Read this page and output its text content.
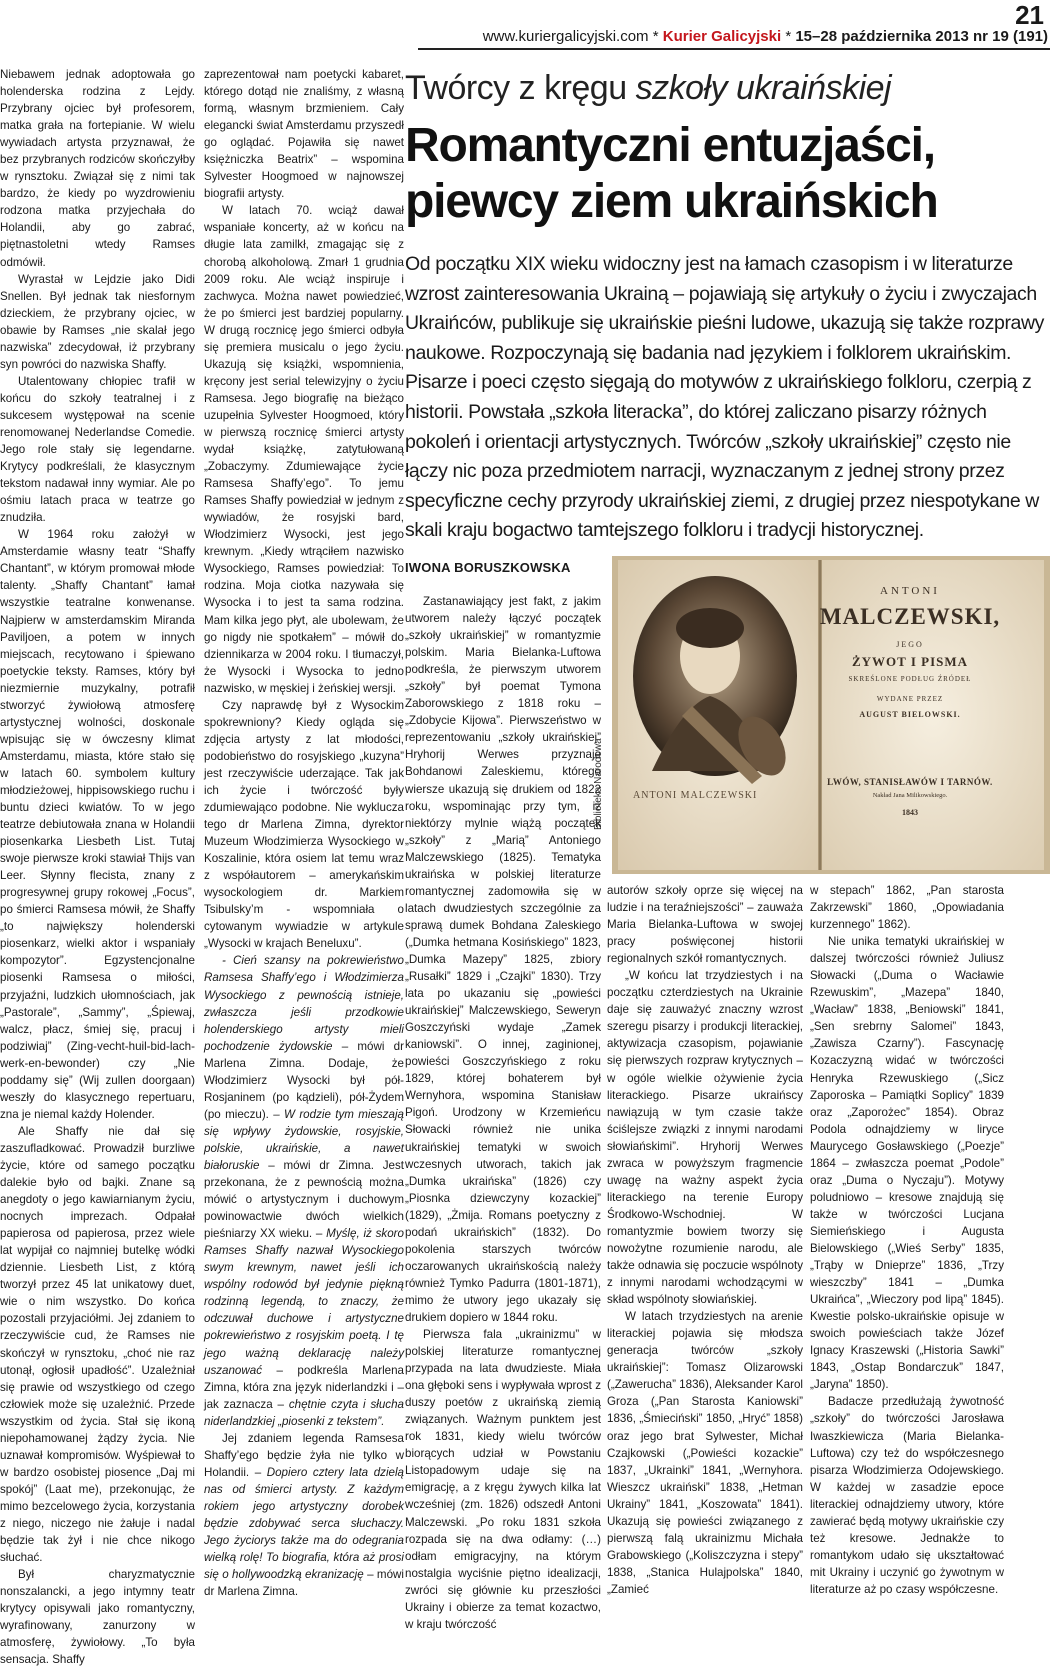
www.kuriergalicyjski.com * Kurier Galicyjski * 15–28 października 2013 nr 19 (191)
21

Niebawem jednak adoptowała go holenderska rodzina z Lejdy. Przybrany ojciec był profesorem, matka grała na fortepianie. W wielu wywiadach artysta przyznawał, że bez przybranych rodziców skończyłby w rynsztoku. Związał się z nimi tak bardzo, że kiedy po wyzdrowieniu rodzona matka przyjechała do Holandii, aby go zabrać, piętnastoletni wtedy Ramses odmówił.

Wyrastał w Lejdzie jako Didi Snellen. Był jednak tak niesfornym dzieckiem, że przybrany ojciec, w obawie by Ramses „nie skalał jego nazwiska” zdecydował, iż przybrany syn powróci do nazwiska Shaffy.

Utalentowany chłopiec trafił w końcu do szkoły teatralnej i z sukcesem występował na scenie renomowanej Nederlandse Comedie. Jego role stały się legendarne. Krytycy podkreślali, że klasycznym tekstom nadawał inny wymiar. Ale po ośmiu latach praca w teatrze go znudziła.

W 1964 roku założył w Amsterdamie własny teatr “Shaffy Chantant”, w którym promował młode talenty. „Shaffy Chantant” łamał wszystkie teatralne konwenanse. Najpierw w amsterdamskim Miranda Paviljoen, a potem w innych miejscach, recytowano i śpiewano poetyckie teksty. Ramses, który był niezmiernie muzykalny, potrafił stworzyć żywiołową atmosferę artystycznej wolności, doskonale wpisując się w ówczesny klimat Amsterdamu, miasta, które stało się w latach 60. symbolem kultury młodzieżowej, hippisowskiego ruchu i buntu dzieci kwiatów. To w jego teatrze debiutowała znana w Holandii piosenkarka Liesbeth List. Tutaj swoje pierwsze kroki stawiał Thijs van Leer. Słynny flecista, znany z progresywnej grupy rokowej „Focus”, po śmierci Ramsesa mówił, że Shaffy „to największy holenderski piosenkarz, wielki aktor i wspaniały kompozytor”. Egzystencjonalne piosenki Ramsesa o miłości, przyjaźni, ludzkich ułomnościach, jak „Pastorale”, „Sammy”, „Śpiewaj, walcz, płacz, śmiej się, pracuj i podziwiaj” (Zing-vecht-huil-bid-lach-werk-en-bewonder) czy „Nie poddamy się” (Wij zullen doorgaan) weszły do klasycznego repertuaru, zna je niemal każdy Holender.

Ale Shaffy nie dał się zaszufladkować. Prowadził burzliwe życie, które od samego początku dalekie było od bajki. Znane są anegdoty o jego kawiarnianym życiu, nocnych imprezach. Odpałał papierosa od papierosa, przez wiele lat wypijał co najmniej butelkę wódki dziennie. Liesbeth List, z którą tworzył przez 45 lat unikatowy duet, wie o nim wszystko. Do końca pozostali przyjaciółmi. Jej zdaniem to rzeczywiście cud, że Ramses nie skończył w rynsztoku, „choć nie raz utonął, ogłosił upadłość”. Uzależniał się prawie od wszystkiego od czego człowiek może się uzależnić. Przede wszystkim od życia. Stał się ikoną niepohamowanej żądzy życia. Nie uznawał kompromisów. Wyśpiewał to w bardzo osobistej piosence „Daj mi spokój” (Laat me), przekonując, że mimo bezcelowego życia, korzystania z niego, niczego nie żałuje i nadal będzie tak żył i nie chce nikogo słuchać.

Był charyzmatycznie nonszalancki, a jego intymny teatr krytycy opisywali jako romantyczny, wyrafinowany, zanurzony w atmosferę, żywiołowy. „To była sensacja. Shaffy

zaprezentował nam poetycki kabaret, którego dotąd nie znaliśmy, z własną formą, własnym brzmieniem. Cały elegancki świat Amsterdamu przyszedł go oglądać. Pojawiła się nawet księżniczka Beatrix” – wspomina Sylvester Hoogmoed w najnowszej biografii artysty.

W latach 70. wciąż dawał wspaniałe koncerty, aż w końcu na długie lata zamilkł, zmagając się z chorobą alkoholową. Zmarł 1 grudnia 2009 roku. Ale wciąż inspiruje i zachwyca. Można nawet powiedzieć, że po śmierci jest bardziej popularny. W drugą rocznicę jego śmierci odbyła się premiera musicalu o jego życiu. Ukazują się książki, wspomnienia, kręcony jest serial telewizyjny o życiu Ramsesa. Jego biografię na bieżąco uzupełnia Sylvester Hoogmoed, który w pierwszą rocznicę śmierci artysty wydał książkę, zatytułowaną „Zobaczymy. Zdumiewające życie Ramsesa Shaffy’ego”. To jemu Ramses Shaffy powiedział w jednym z wywiadów, że rosyjski bard, Włodzimierz Wysocki, jest jego krewnym. „Kiedy wtrąciłem nazwisko Wysockiego, Ramses powiedział: To rodzina. Moja ciotka nazywała się Wysocka i to jest ta sama rodzina. Mam kilka jego płyt, ale ubolewam, że go nigdy nie spotkałem” – mówił do dziennikarza w 2004 roku. I tłumaczył, że Wysocki i Wysocka to jedno nazwisko, w męskiej i żeńskiej wersji.

Czy naprawdę był z Wysockim spokrewniony? Kiedy ogląda się zdjęcia artysty z lat młodości, podobieństwo do rosyjskiego „kuzyna” jest rzeczywiście uderzające. Tak jak ich życie i twórczość były zdumiewająco podobne. Nie wyklucza tego dr Marlena Zimna, dyrektor Muzeum Włodzimierza Wysockiego w Koszalinie, która osiem lat temu wraz z współautorem – amerykańskim wysockologiem dr. Markiem Tsibulsky’m - wspomniała o cytowanym wywiadzie w artykule „Wysocki w krajach Beneluxu”.

- Cień szansy na pokrewieństwo Ramsesa Shaffy’ego i Włodzimierza Wysockiego z pewnością istnieje, zwłaszcza jeśli przodkowie holenderskiego artysty mieli pochodzenie żydowskie – mówi dr Marlena Zimna. Dodaje, że Włodzimierz Wysocki był pół-Rosjaninem (po kądzieli), pół-Żydem (po mieczu). – W rodzie tym mieszają się wpływy żydowskie, rosyjskie, polskie, ukraińskie, a nawet białoruskie – mówi dr Zimna. Jest przekonana, że z pewnością można mówić o artystycznym i duchowym powinowactwie dwóch wielkich pieśniarzy XX wieku. – Myślę, iż skoro Ramses Shaffy nazwał Wysockiego swym krewnym, nawet jeśli ich wspólny rodowód był jedynie piękną rodzinną legendą, to znaczy, że odczuwał duchowe i artystyczne pokrewieństwo z rosyjskim poetą. I tę jego ważną deklarację należy uszanować – podkreśla Marlena Zimna, która zna język niderlandzki i – jak zaznacza – chętnie czyta i słucha niderlandzkiej „piosenki z tekstem”.

Jej zdaniem legenda Ramsesa Shaffy’ego będzie żyła nie tylko w Holandii. – Dopiero cztery lata dzielą nas od śmierci artysty. Z każdym rokiem jego artystyczny dorobek będzie zdobywać serca słuchaczy. Jego życiorys także ma do odegrania wielką rolę! To biografia, która aż prosi się o hollywoodzką ekranizację – mówi dr Marlena Zimna.

Twórcy z kręgu szkoły ukraińskiej
Romantyczni entuzjaści,
piewcy ziem ukraińskich
Od początku XIX wieku widoczny jest na łamach czasopism i w literaturze wzrost zainteresowania Ukrainą – pojawiają się artykuły o życiu i zwyczajach Ukraińców, publikuje się ukraińskie pieśni ludowe, ukazują się także rozprawy naukowe. Rozpoczynają się badania nad językiem i folklorem ukraińskim. Pisarze i poeci często sięgają do motywów z ukraińskiego folkloru, czerpią z historii. Powstała „szkoła literacka”, do której zaliczano pisarzy różnych pokoleń i orientacji artystycznych. Twórców „szkoły ukraińskiej” często nie łączy nic poza przedmiotem narracji, wyznaczanym z jednej strony przez specyficzne cechy przyrody ukraińskiej ziemi, z drugiej przez niespotykane w skali kraju bogactwo tamtejszego folkloru i tradycji historycznej.
IWONA BORUSZKOWSKA

Zastanawiający jest fakt, z jakim utworem należy łączyć początek „szkoły ukraińskiej” w romantyzmie polskim. Maria Bielanka-Luftowa podkreśla, że pierwszym utworem „szkoły” był poemat Tymona Zaborowskiego z 1818 roku – „Zdobycie Kijowa”. Pierwszeństwo w reprezentowaniu „szkoły ukraińskiej” Hryhorij Werwes przyznaje Bohdanowi Zaleskiemu, którego wiersze ukazują się drukiem od 1822 roku, wspominając przy tym, iż niektórzy mylnie wiążą początek „szkoły” z „Marią” Antoniego Malczewskiego (1825). Tematyka ukraińska w polskiej literaturze romantycznej zadomowiła się w latach dwudziestych szczególnie za sprawą dumek Bohdana Zaleskiego („Dumka hetmana Kosińskiego” 1823, „Dumka Mazepy” 1825, zbiory „Rusałki” 1829 i „Czajki” 1830). Trzy lata po ukazaniu się „powieści ukraińskiej” Malczewskiego, Seweryn Goszczyński wydaje „Zamek kaniowski”. O innej, zaginionej, powieści Goszczyńskiego z roku 1829, której bohaterem był Wernyhora, wspomina Stanisław Pigoń. Urodzony w Krzemieńcu Słowacki również nie unika ukraińskiej tematyki w swoich wczesnych utworach, takich jak „Dumka ukraińska” (1826) czy „Piosnka dziewczyny kozackiej” (1829), „Żmija. Romans poetyczny z podań ukraińskich” (1832). Do pokolenia starszych twórców oczarowanych ukraińskością należy również Tymko Padurra (1801-1871), mimo że utwory jego ukazały się drukiem dopiero w 1844 roku.

Pierwsza fala „ukrainizmu” w polskiej literaturze romantycznej przypada na lata dwudzieste. Miała ona głęboki sens i wypływała wprost z duszy poetów z ukraińską ziemią związanych. Ważnym punktem jest rok 1831, kiedy wielu twórców biorących udział w Powstaniu Listopadowym udaje się na emigrację, a z kręgu żywych kilka lat wcześniej (zm. 1826) odszedł Antoni Malczewski. „Po roku 1831 szkoła rozpada się na dwa odłamy: (…) odłam emigracyjny, na którym nostalgia wyciśnie piętno idealizacji, zwróci się głównie ku przeszłości Ukrainy i obierze za temat kozactwo, w kraju twórczość

ANTONI MALCZEWSKI
ANTONI
MALCZEWSKI,
JEGO
ŻYWOT I PISMA
SKREŚLONE PODŁUG ŹRÓDEŁ
WYDANE PRZEZ
AUGUST BIELOWSKI.
LWÓW, STANISŁAWÓW I TARNÓW.
Nakład Jana Milikowskiego.
1843
Biblioteka Narodowa

autorów szkoły oprze się więcej na ludzie i na teraźniejszości” – zauważa Maria Bielanka-Luftowa w swojej pracy poświęconej historii regionalnych szkół romantycznych.

„W końcu lat trzydziestych i na początku czterdziestych na Ukrainie daje się zauważyć znaczny wzrost szeregu pisarzy i produkcji literackiej, aktywizacja czasopism, pojawianie się pierwszych rozpraw krytycznych – w ogóle wielkie ożywienie życia literackiego. Pisarze ukraińscy nawiązują w tym czasie także ściślejsze związki z innymi narodami słowiańskimi”. Hryhorij Werwes zwraca w powyższym fragmencie uwagę na ważny aspekt życia literackiego na terenie Europy Środkowo-Wschodniej. W romantyzmie bowiem tworzy się nowożytne rozumienie narodu, ale także odnawia się poczucie wspólnoty z innymi narodami wchodzącymi w skład wspólnoty słowiańskiej.

W latach trzydziestych na arenie literackiej pojawia się młodsza generacja twórców „szkoły ukraińskiej”: Tomasz Olizarowski („Zawerucha” 1836), Aleksander Karol Groza („Pan Starosta Kaniowski” 1836, „Śmieciński” 1850, „Hryć” 1858) oraz jego brat Sylwester, Michał Czajkowski („Powieści kozackie” 1837, „Ukrainki” 1841, „Wernyhora. Wieszcz ukraiński” 1838, „Hetman Ukrainy” 1841, „Koszowata” 1841). Ukazują się powieści związanego z pierwszą falą ukrainizmu Michała Grabowskiego („Koliszczyzna i stepy” 1838, „Stanica Hulajpolska” 1840, „Zamieć

w stepach” 1862, „Pan starosta Zakrzewski” 1860, „Opowiadania kurzennego” 1862).

Nie unika tematyki ukraińskiej w dalszej twórczości również Juliusz Słowacki („Duma o Wacławie Rzewuskim”, „Mazepa” 1840, „Wacław” 1838, „Beniowski” 1841, „Sen srebrny Salomei” 1843, „Zawisza Czarny”). Fascynację Kozaczyzną widać w twórczości Henryka Rzewuskiego („Sicz Zaporoska – Pamiątki Soplicy” 1839 oraz „Zaporożec” 1854). Obraz Podola odnajdziemy w liryce Maurycego Gosławskiego („Poezje” 1864 – zwłaszcza poemat „Podole” oraz „Duma o Nyczaju”). Motywy poludniowo – kresowe znajdują się także w twórczości Lucjana Siemieńskiego i Augusta Bielowskiego („Wieś Serby” 1835, „Trąby w Dnieprze” 1836, „Trzy wieszczby” 1841 – „Dumka Ukraińca”, „Wieczory pod lipą” 1845). Kwestie polsko-ukraińskie opisuje w swoich powieściach także Józef Ignacy Kraszewski („Historia Sawki” 1843, „Ostap Bondarczuk” 1847, „Jaryna” 1850).

Badacze przedłużają żywotność „szkoły” do twórczości Jarosława Iwaszkiewicza (Maria Bielanka-Luftowa) czy też do współczesnego pisarza Włodzimierza Odojewskiego. W każdej w zasadzie epoce literackiej odnajdziemy utwory, które zawierać będą motywy ukraińskie czy też kresowe. Jednakże to romantykom udało się ukształtować mit Ukrainy i uczynić go żywotnym w literaturze aż po czasy współczesne.
